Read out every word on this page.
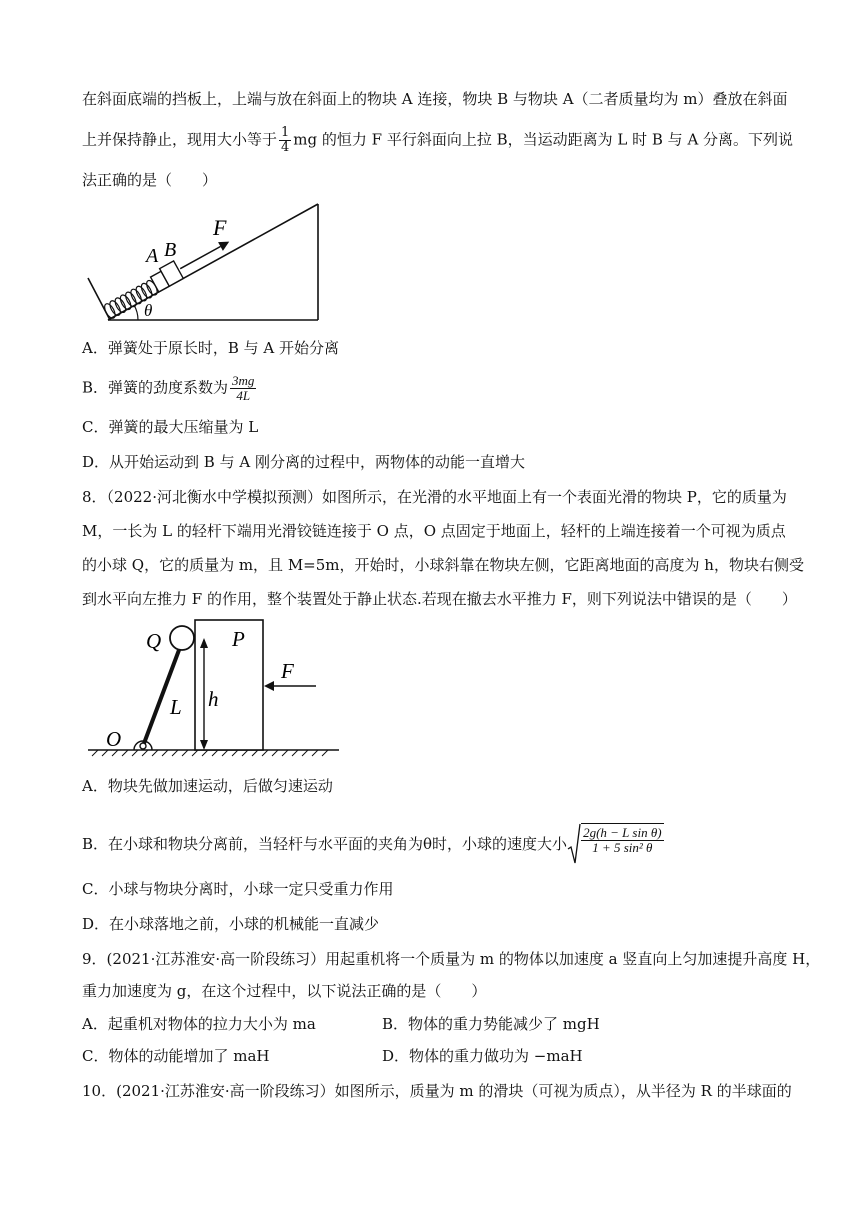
在斜面底端的挡板上，上端与放在斜面上的物块 A 连接，物块 B 与物块 A（二者质量均为 m）叠放在斜面
上并保持静止，现用大小等于 $\frac{1}{4}$ mg 的恒力 F 平行斜面向上拉 B，当运动距离为 L 时 B 与 A 分离。下列说
法正确的是（　　）
θ
A B
F
A．弹簧处于原长时，B 与 A 开始分离
B．弹簧的劲度系数为 $\frac{3mg}{4L}$
C．弹簧的最大压缩量为 L
D．从开始运动到 B 与 A 刚分离的过程中，两物体的动能一直增大
8．（2022·河北衡水中学模拟预测）如图所示，在光滑的水平地面上有一个表面光滑的物块 P，它的质量为
M，一长为 L 的轻杆下端用光滑铰链连接于 O 点，O 点固定于地面上，轻杆的上端连接着一个可视为质点
的小球 Q，它的质量为 m，且 M=5m，开始时，小球斜靠在物块左侧，它距离地面的高度为 h，物块右侧受
到水平向左推力 F 的作用，整个装置处于静止状态.若现在撤去水平推力 F，则下列说法中错误的是（　　）
Q	P
F
L h
O
A．物块先做加速运动，后做匀速运动
B．在小球和物块分离前，当轻杆与水平面的夹角为θ时，小球的速度大小 $\frac{\text{2g(h − L sin θ)}}{\text{1 + 5 sin² θ}}$
C．小球与物块分离时，小球一定只受重力作用
D．在小球落地之前，小球的机械能一直减少
9．(2021·江苏淮安·高一阶段练习）用起重机将一个质量为 m 的物体以加速度 a 竖直向上匀加速提升高度 H，
重力加速度为 g，在这个过程中，以下说法正确的是（　　）
A．起重机对物体的拉力大小为 ma	B．物体的重力势能减少了 mgH
C．物体的动能增加了 maH	D．物体的重力做功为 −maH
10．(2021·江苏淮安·高一阶段练习）如图所示，质量为 m 的滑块（可视为质点），从半径为 R 的半球面的
